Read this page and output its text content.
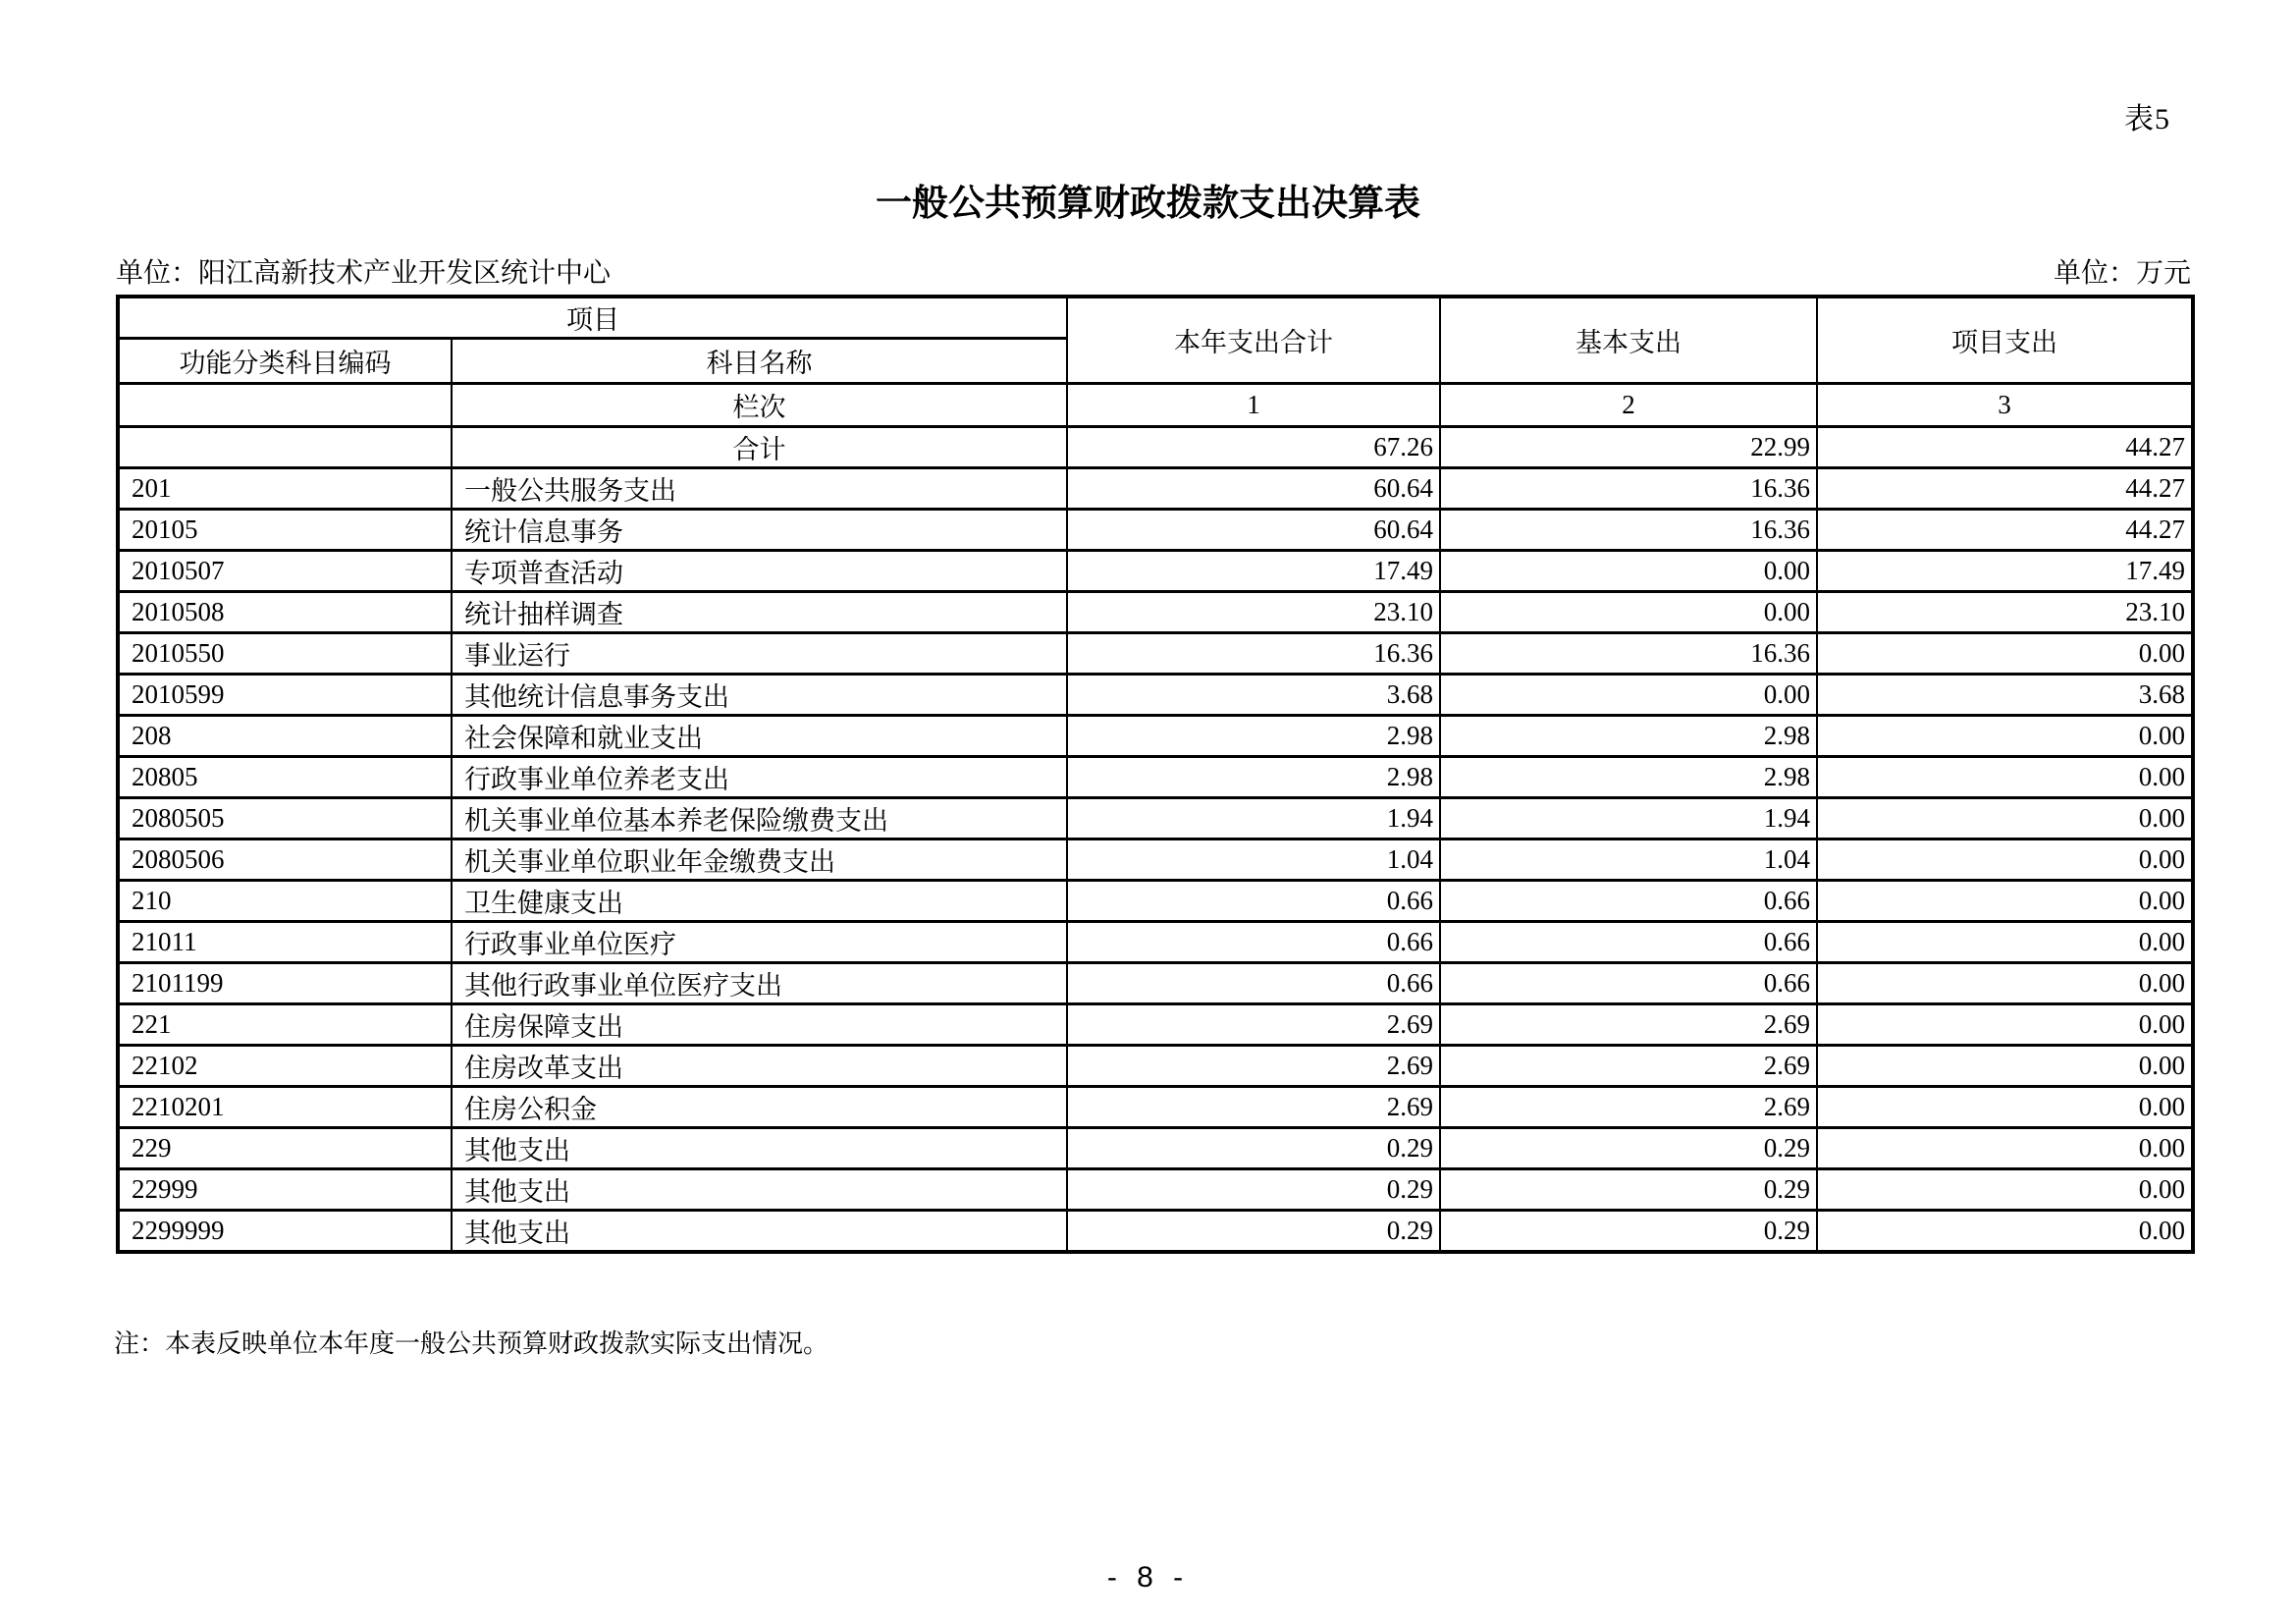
表5
一般公共预算财政拨款支出决算表
单位：阳江高新技术产业开发区统计中心	单位：万元
项目		本年支出合计	基本支出	项目支出
功能分类科目编码	科目名称			
	栏次	1	2	3
	合计	67.26	22.99	44.27
201	一般公共服务支出	60.64	16.36	44.27
20105	统计信息事务	60.64	16.36	44.27
2010507	专项普查活动	17.49	0.00	17.49
2010508	统计抽样调查	23.10	0.00	23.10
2010550	事业运行	16.36	16.36	0.00
2010599	其他统计信息事务支出	3.68	0.00	3.68
208	社会保障和就业支出	2.98	2.98	0.00
20805	行政事业单位养老支出	2.98	2.98	0.00
2080505	机关事业单位基本养老保险缴费支出	1.94	1.94	0.00
2080506	机关事业单位职业年金缴费支出	1.04	1.04	0.00
210	卫生健康支出	0.66	0.66	0.00
21011	行政事业单位医疗	0.66	0.66	0.00
2101199	其他行政事业单位医疗支出	0.66	0.66	0.00
221	住房保障支出	2.69	2.69	0.00
22102	住房改革支出	2.69	2.69	0.00
2210201	住房公积金	2.69	2.69	0.00
229	其他支出	0.29	0.29	0.00
22999	其他支出	0.29	0.29	0.00
2299999	其他支出	0.29	0.29	0.00
注：本表反映单位本年度一般公共预算财政拨款实际支出情况。
- 8 -
